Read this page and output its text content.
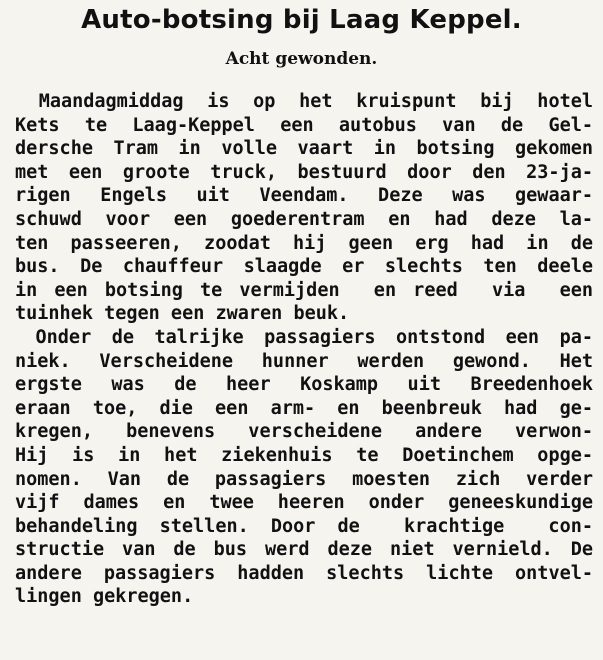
Auto-botsing bij Laag Keppel.
Acht gewonden.
Maandagmiddag is op het kruispunt bij hotel
Kets te Laag-Keppel een autobus van de Gel-
dersche Tram in volle vaart in botsing gekomen
met een groote truck, bestuurd door den 23-ja-
rigen Engels uit Veendam. Deze was gewaar-
schuwd voor een goederentram en had deze la-
ten passeeren, zoodat hij geen erg had in de
bus. De chauffeur slaagde er slechts ten deele
in een botsing te vermijden  en reed  via  een
tuinhek tegen een zwaren beuk.
Onder de talrijke passagiers ontstond een pa-
niek. Verscheidene hunner werden gewond. Het
ergste was de heer Koskamp uit Breedenhoek
eraan toe, die een arm- en beenbreuk had ge-
kregen, benevens verscheidene andere verwon-
Hij is in het ziekenhuis te Doetinchem opge-
nomen. Van de passagiers moesten zich verder
vijf dames en twee heeren onder geneeskundige
behandeling stellen. Door de  krachtige  con-
structie van de bus werd deze niet vernield. De
andere passagiers hadden slechts lichte ontvel-
lingen gekregen.
